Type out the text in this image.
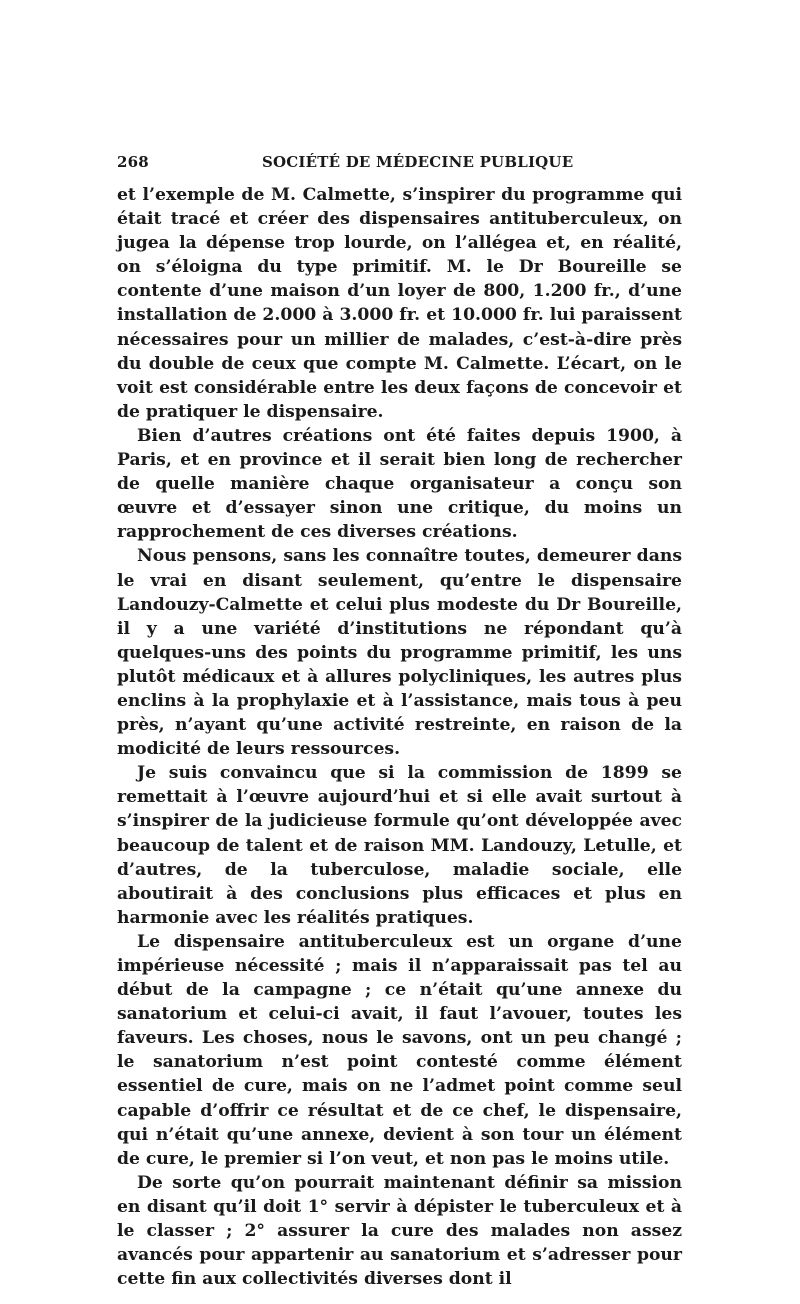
268	SOCIÉTÉ DE MÉDECINE PUBLIQUE

et l’exemple de M. Calmette, s’inspirer du programme qui était tracé et créer des dispensaires antituberculeux, on jugea la dépense trop lourde, on l’allégea et, en réalité, on s’éloigna du type primitif. M. le Dr Boureille se contente d’une maison d’un loyer de 800, 1.200 fr., d’une installation de 2.000 à 3.000 fr. et 10.000 fr. lui paraissent nécessaires pour un millier de malades, c’est-à-dire près du double de ceux que compte M. Calmette. L’écart, on le voit est considérable entre les deux façons de concevoir et de pratiquer le dispensaire.

Bien d’autres créations ont été faites depuis 1900, à Paris, et en province et il serait bien long de rechercher de quelle manière chaque organisateur a conçu son œuvre et d’essayer sinon une critique, du moins un rapprochement de ces diverses créations.

Nous pensons, sans les connaître toutes, demeurer dans le vrai en disant seulement, qu’entre le dispensaire Landouzy-Calmette et celui plus modeste du Dr Boureille, il y a une variété d’institutions ne répondant qu’à quelques-uns des points du programme primitif, les uns plutôt médicaux et à allures polycliniques, les autres plus enclins à la prophylaxie et à l’assistance, mais tous à peu près, n’ayant qu’une activité restreinte, en raison de la modicité de leurs ressources.

Je suis convaincu que si la commission de 1899 se remettait à l’œuvre aujourd’hui et si elle avait surtout à s’inspirer de la judicieuse formule qu’ont développée avec beaucoup de talent et de raison MM. Landouzy, Letulle, et d’autres, de la tuberculose, maladie sociale, elle aboutirait à des conclusions plus efficaces et plus en harmonie avec les réalités pratiques.

Le dispensaire antituberculeux est un organe d’une impérieuse nécessité ; mais il n’apparaissait pas tel au début de la campagne ; ce n’était qu’une annexe du sanatorium et celui-ci avait, il faut l’avouer, toutes les faveurs. Les choses, nous le savons, ont un peu changé ; le sanatorium n’est point contesté comme élément essentiel de cure, mais on ne l’admet point comme seul capable d’offrir ce résultat et de ce chef, le dispensaire, qui n’était qu’une annexe, devient à son tour un élément de cure, le premier si l’on veut, et non pas le moins utile.

De sorte qu’on pourrait maintenant définir sa mission en disant qu’il doit 1° servir à dépister le tuberculeux et à le classer ; 2° assurer la cure des malades non assez avancés pour appartenir au sanatorium et s’adresser pour cette fin aux collectivités diverses dont il
